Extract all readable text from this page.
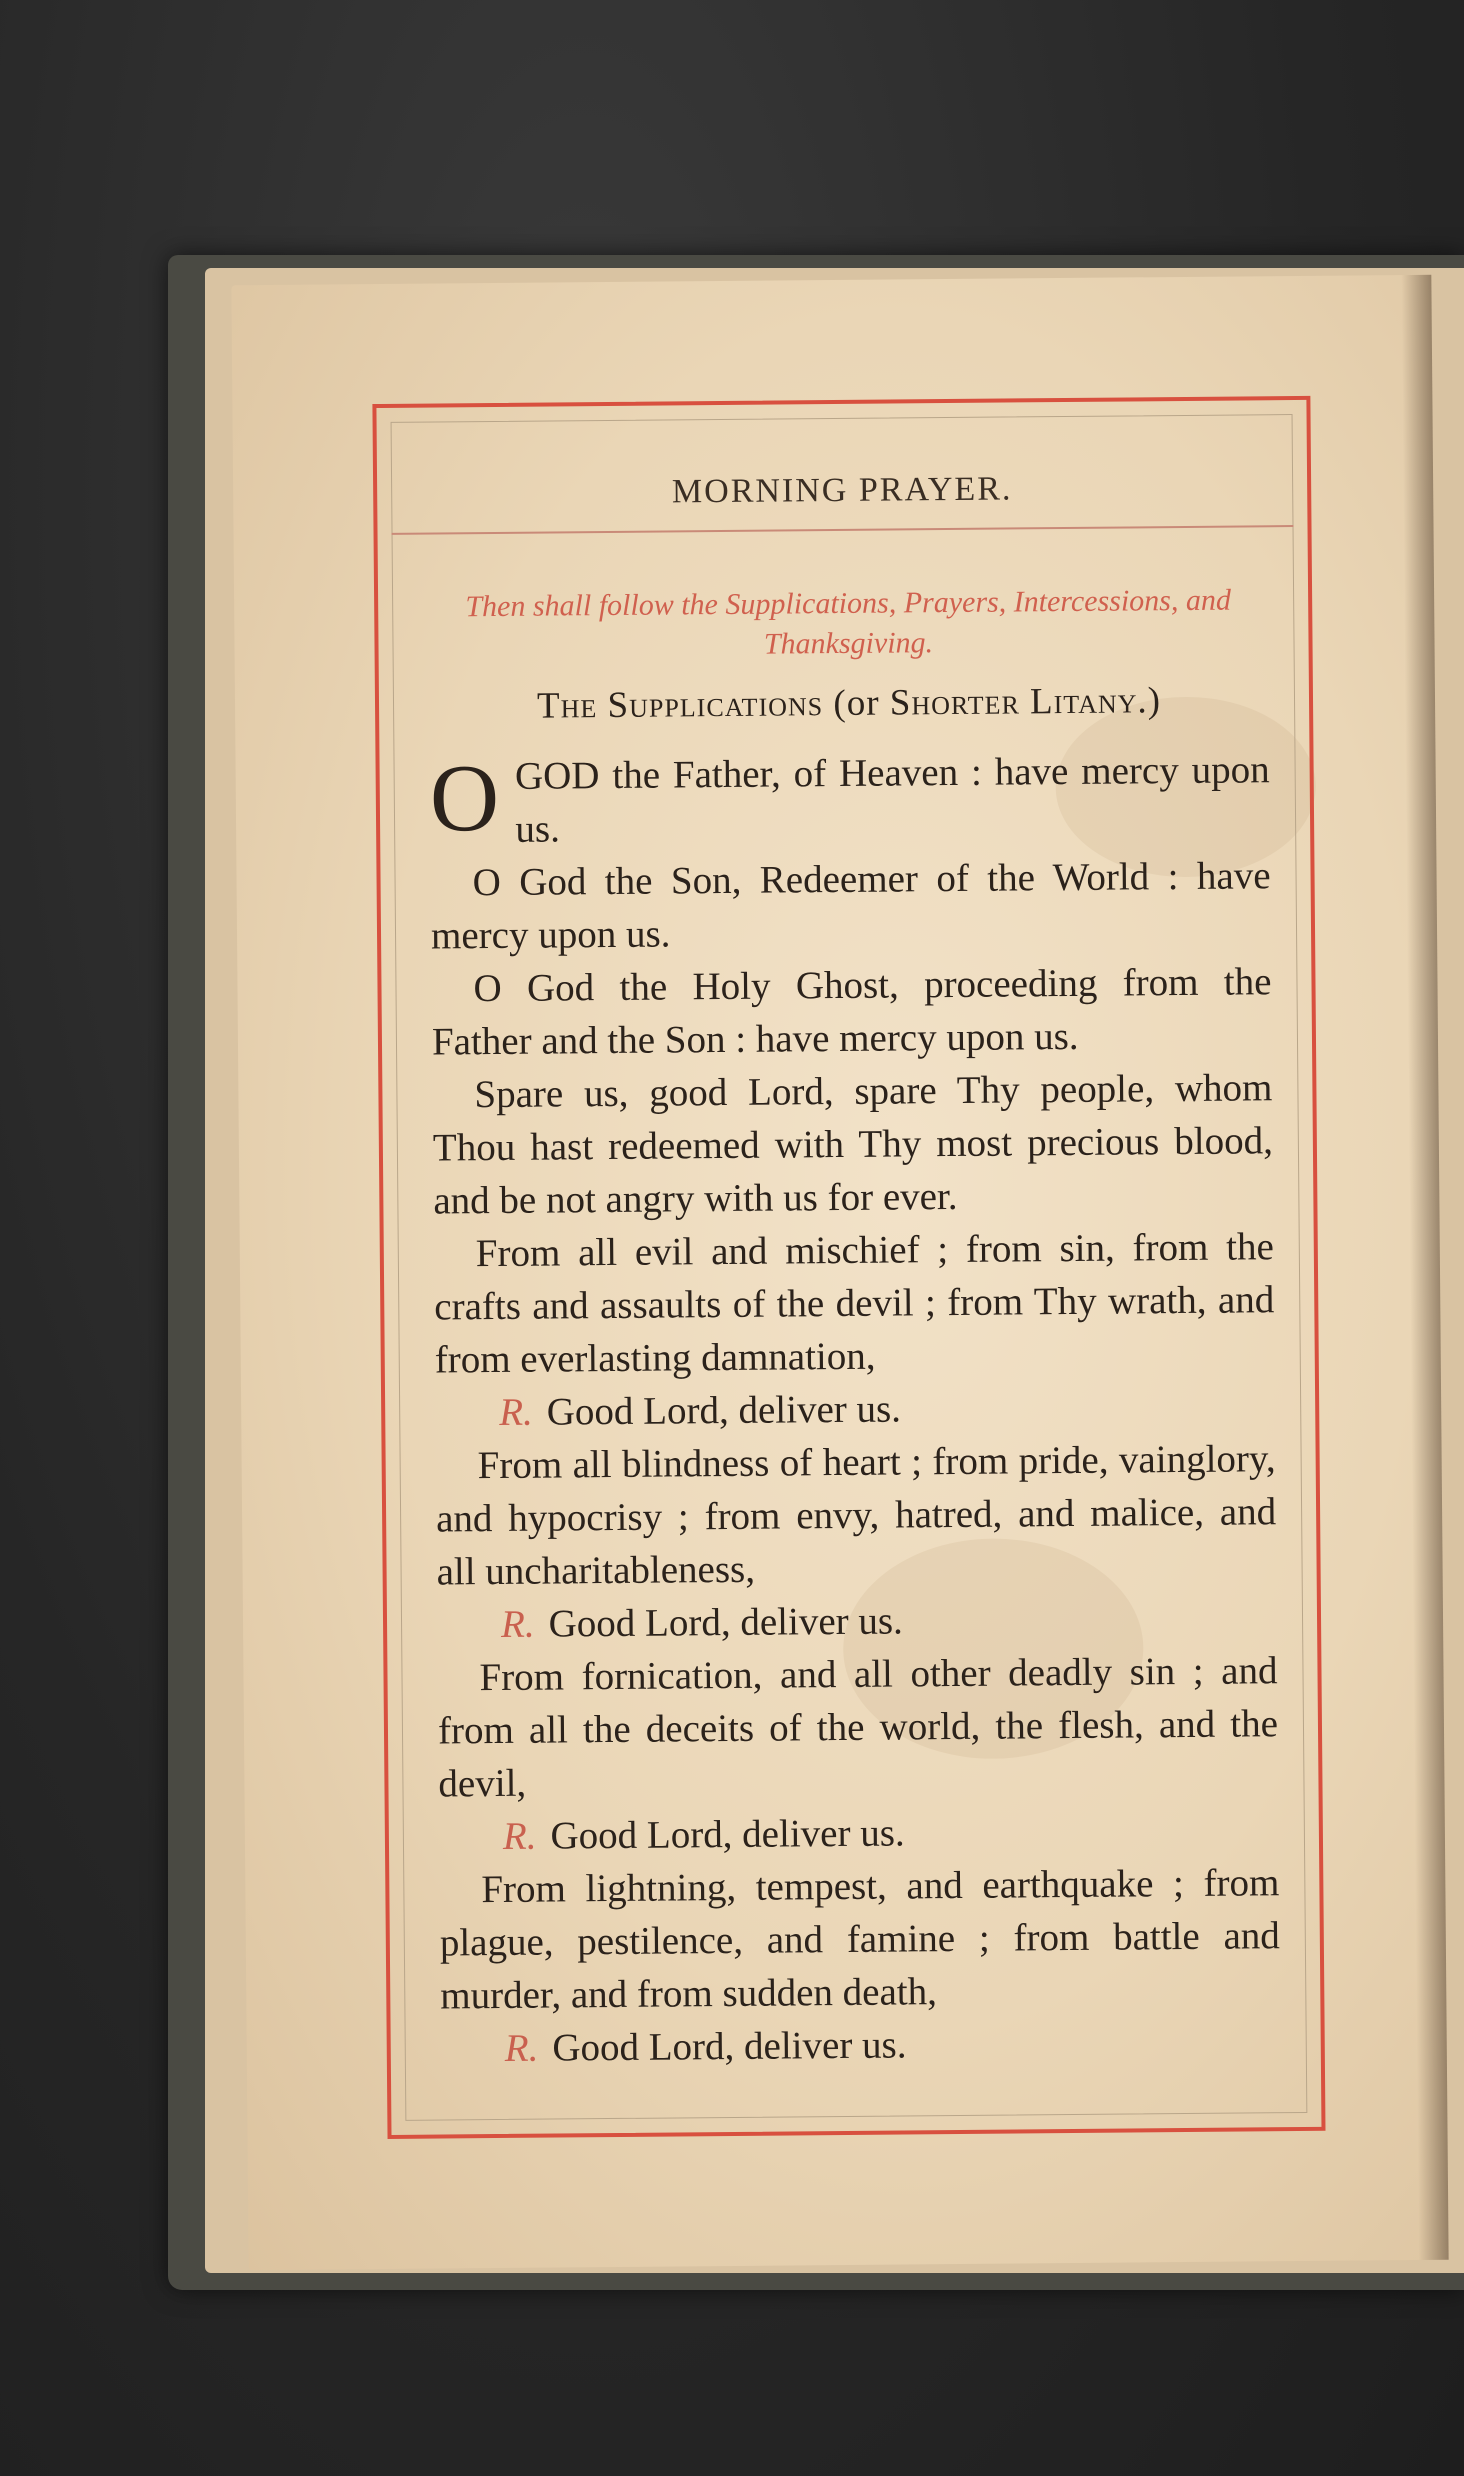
MORNING PRAYER.

Then shall follow the Supplications, Prayers, Intercessions, and Thanksgiving.

The Supplications (or Shorter Litany.)

OGOD the Father, of Heaven : have mercy upon us.

O God the Son, Redeemer of the World : have mercy upon us.

O God the Holy Ghost, proceeding from the Father and the Son : have mercy upon us.

Spare us, good Lord, spare Thy people, whom Thou hast redeemed with Thy most precious blood, and be not angry with us for ever.

From all evil and mischief ; from sin, from the crafts and assaults of the devil ; from Thy wrath, and from everlasting damnation,

R. Good Lord, deliver us.

From all blindness of heart ; from pride, vainglory, and hypocrisy ; from envy, hatred, and malice, and all uncharitableness,

R. Good Lord, deliver us.

From fornication, and all other deadly sin ; and from all the deceits of the world, the flesh, and the devil,

R. Good Lord, deliver us.

From lightning, tempest, and earthquake ; from plague, pestilence, and famine ; from battle and murder, and from sudden death,

R. Good Lord, deliver us.
